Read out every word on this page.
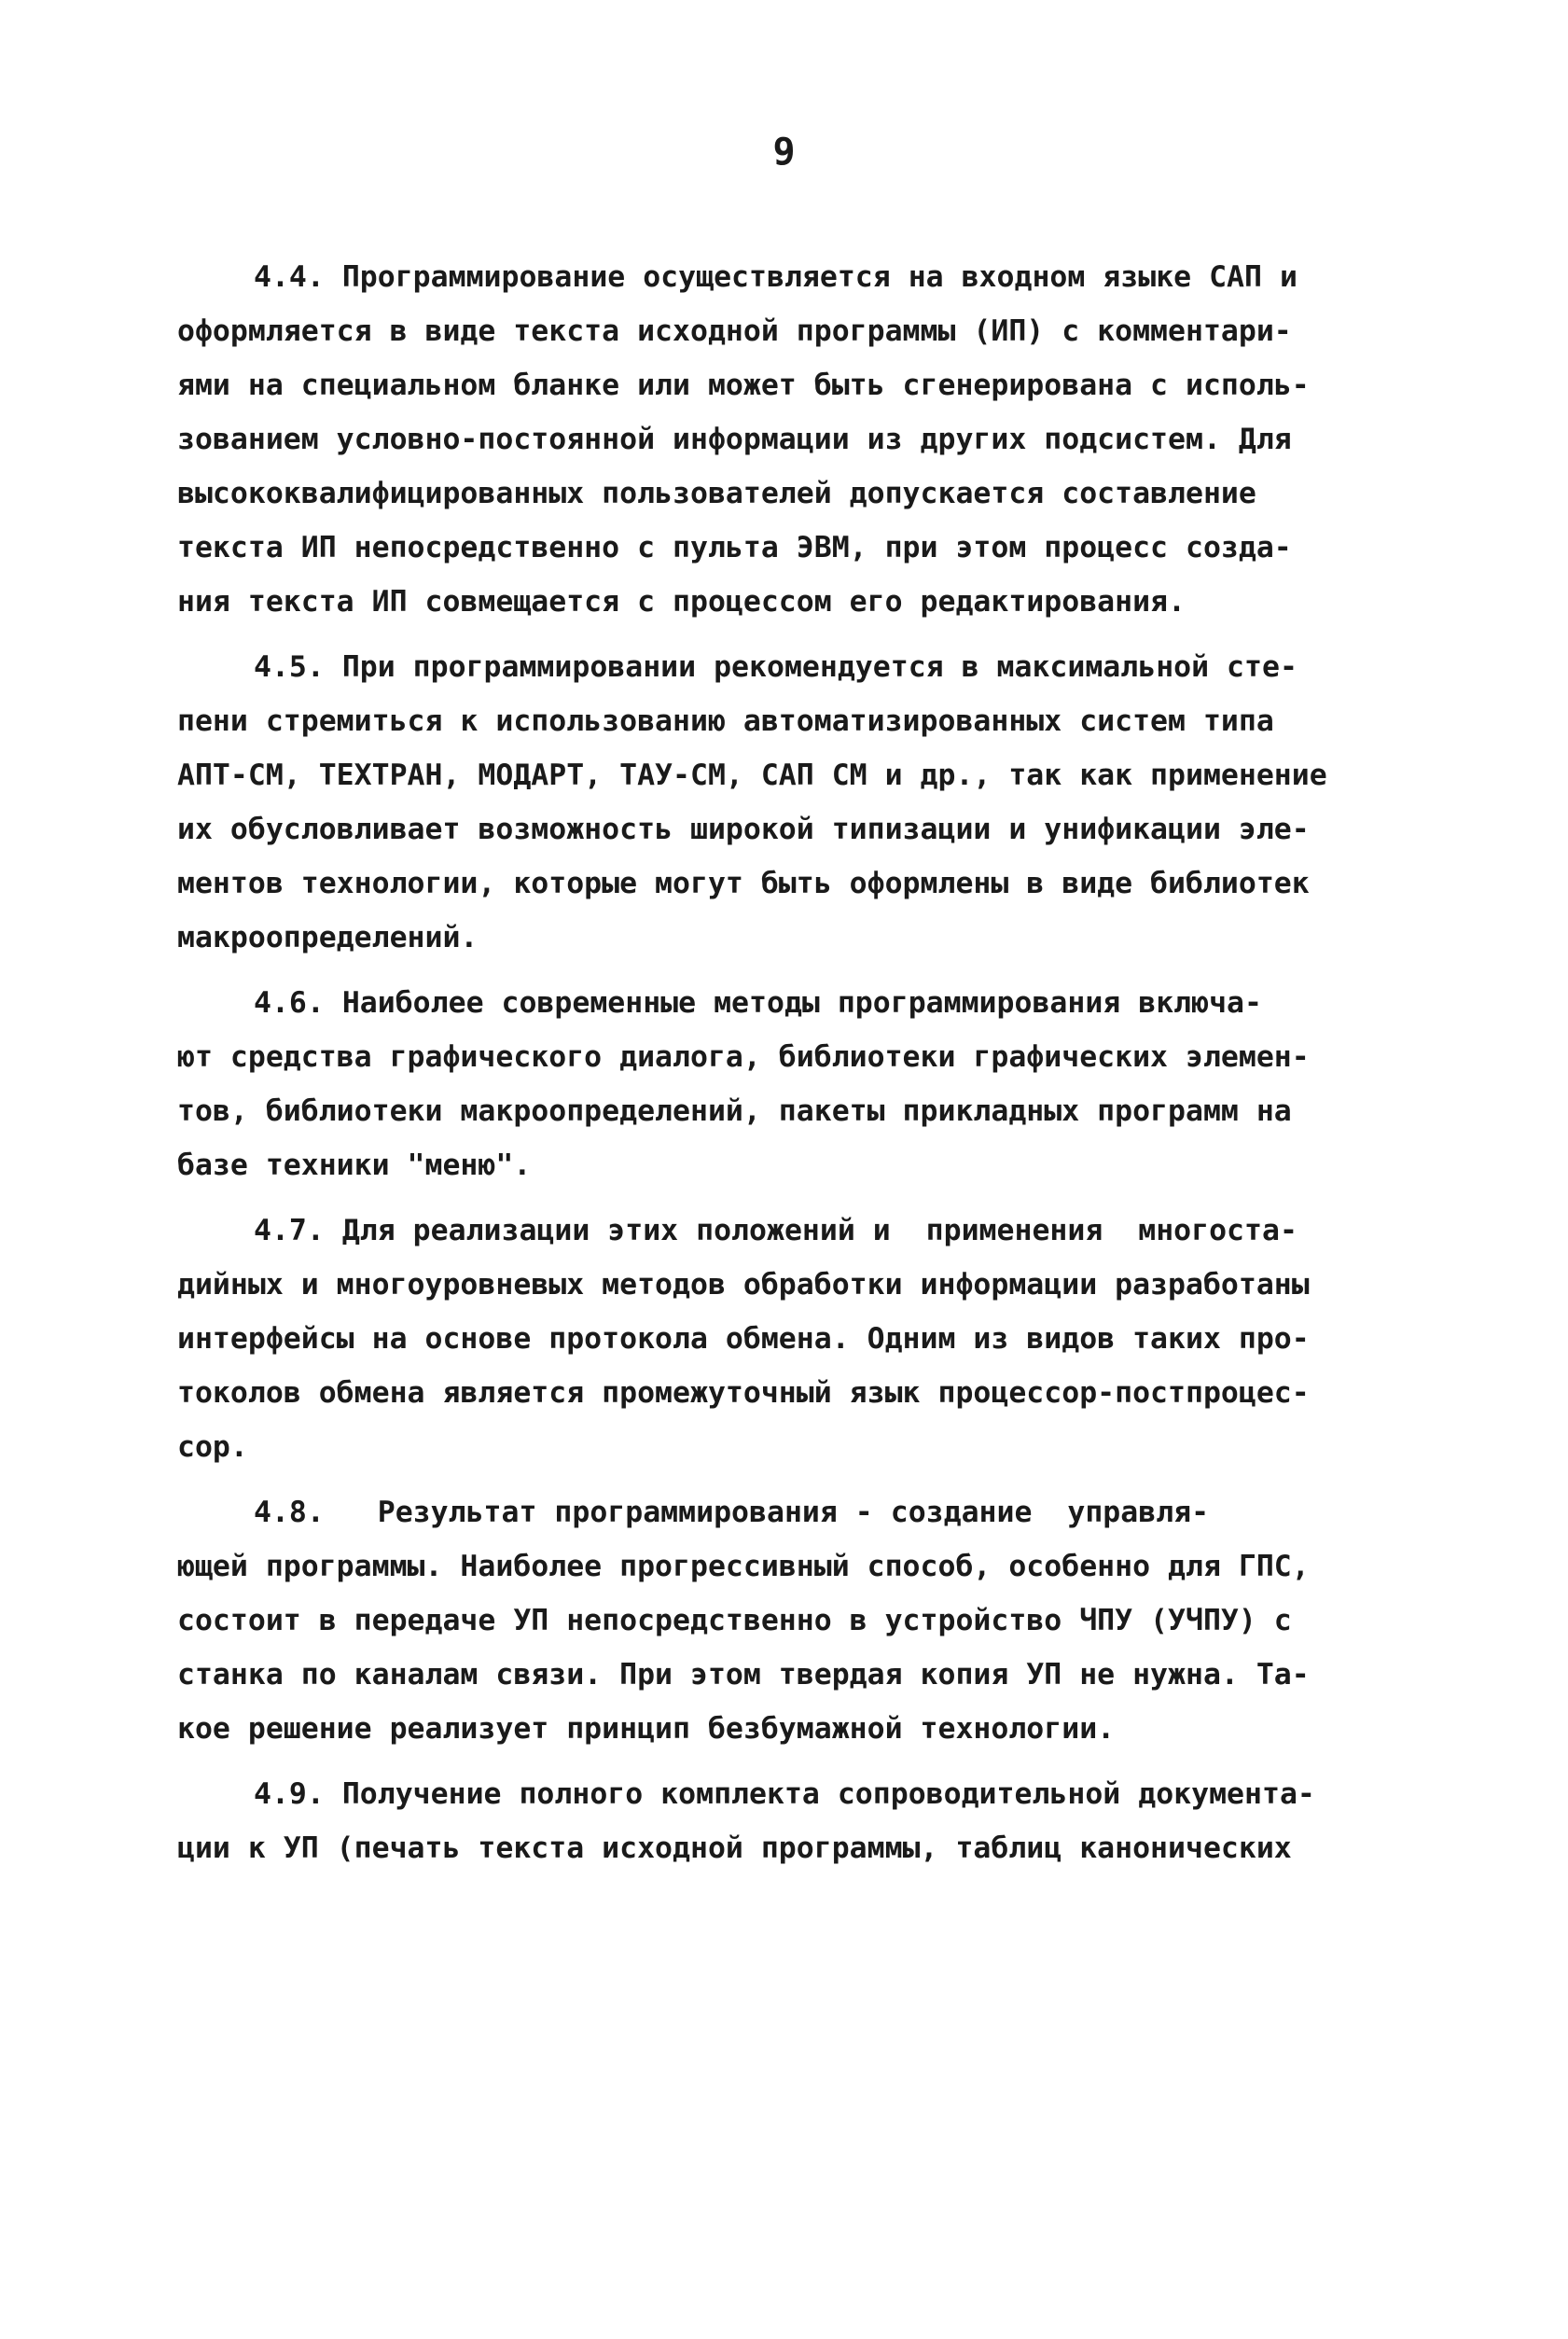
9

4.4. Программирование осуществляется на входном языке САП и
оформляется в виде текста исходной программы (ИП) с комментари-
ями на специальном бланке или может быть сгенерирована с исполь-
зованием условно-постоянной информации из других подсистем. Для
высококвалифицированных пользователей допускается составление
текста ИП непосредственно с пульта ЭВМ, при этом процесс созда-
ния текста ИП совмещается с процессом его редактирования.

4.5. При программировании рекомендуется в максимальной сте-
пени стремиться к использованию автоматизированных систем типа
АПТ-СМ, ТЕХТРАН, МОДАРТ, ТАУ-СМ, САП СМ и др., так как применение
их обусловливает возможность широкой типизации и унификации эле-
ментов технологии, которые могут быть оформлены в виде библиотек
макроопределений.

4.6. Наиболее современные методы программирования включа-
ют средства графического диалога, библиотеки графических элемен-
тов, библиотеки макроопределений, пакеты прикладных программ на
базе техники "меню".

4.7. Для реализации этих положений и  применения  многоста-
дийных и многоуровневых методов обработки информации разработаны
интерфейсы на основе протокола обмена. Одним из видов таких про-
токолов обмена является промежуточный язык процессор-постпроцес-
сор.

4.8.   Результат программирования - создание  управля-
ющей программы. Наиболее прогрессивный способ, особенно для ГПС,
состоит в передаче УП непосредственно в устройство ЧПУ (УЧПУ) с
станка по каналам связи. При этом твердая копия УП не нужна. Та-
кое решение реализует принцип безбумажной технологии.

4.9. Получение полного комплекта сопроводительной документа-
ции к УП (печать текста исходной программы, таблиц канонических
